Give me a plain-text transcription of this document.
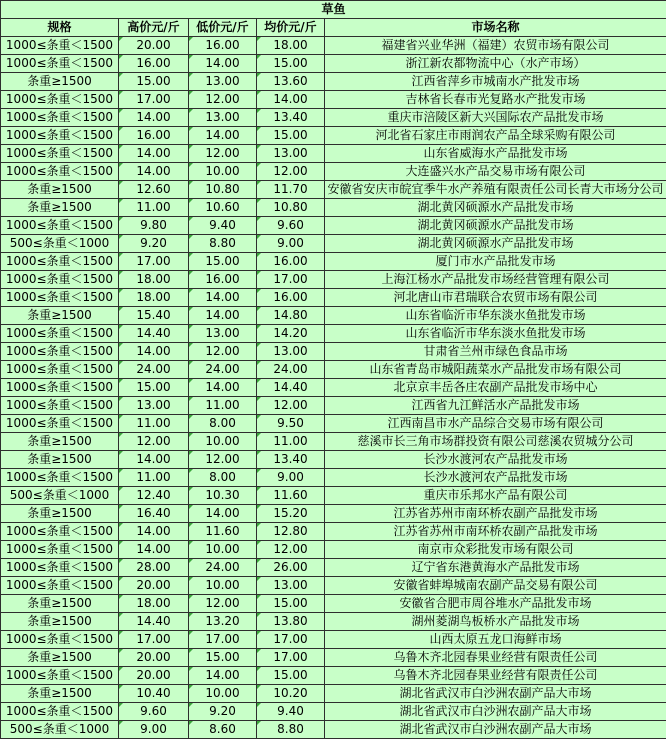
草鱼				
规格	高价元/斤	低价元/斤	均价元/斤	市场名称
1000≤条重＜1500	20.00	16.00	18.00	福建省兴业华洲（福建）农贸市场有限公司
1000≤条重＜1500	16.00	14.00	15.00	浙江新农都物流中心（水产市场）
条重≥1500	15.00	13.00	13.60	江西省萍乡市城南水产批发市场
1000≤条重＜1500	17.00	12.00	14.00	吉林省长春市光复路水产批发市场
1000≤条重＜1500	14.00	13.00	13.40	重庆市涪陵区新大兴国际农产品批发市场
1000≤条重＜1500	16.00	14.00	15.00	河北省石家庄市雨润农产品全球采购有限公司
1000≤条重＜1500	14.00	12.00	13.00	山东省威海水产品批发市场
1000≤条重＜1500	14.00	10.00	12.00	大连盛兴水产品交易市场有限公司
条重≥1500	12.60	10.80	11.70	安徽省安庆市皖宜季牛水产养殖有限责任公司长青大市场分公司
条重≥1500	11.00	10.60	10.80	湖北黄冈硕源水产品批发市场
1000≤条重＜1500	9.80	9.40	9.60	湖北黄冈硕源水产品批发市场
500≤条重＜1000	9.20	8.80	9.00	湖北黄冈硕源水产品批发市场
1000≤条重＜1500	17.00	15.00	16.00	厦门市水产品批发市场
1000≤条重＜1500	18.00	16.00	17.00	上海江杨水产品批发市场经营管理有限公司
1000≤条重＜1500	18.00	14.00	16.00	河北唐山市君瑞联合农贸市场有限公司
条重≥1500	15.40	14.00	14.80	山东省临沂市华东淡水鱼批发市场
1000≤条重＜1500	14.40	13.00	14.20	山东省临沂市华东淡水鱼批发市场
1000≤条重＜1500	14.00	12.00	13.00	甘肃省兰州市绿色食品市场
1000≤条重＜1500	24.00	24.00	24.00	山东省青岛市城阳蔬菜水产品批发市场有限公司
1000≤条重＜1500	15.00	14.00	14.40	北京京丰岳各庄农副产品批发市场中心
1000≤条重＜1500	13.00	11.00	12.00	江西省九江鲜活水产品批发市场
1000≤条重＜1500	11.00	8.00	9.50	江西南昌市水产品综合交易市场有限公司
条重≥1500	12.00	10.00	11.00	慈溪市长三角市场群投资有限公司慈溪农贸城分公司
条重≥1500	14.00	12.00	13.40	长沙水渡河农产品批发市场
1000≤条重＜1500	11.00	8.00	9.00	长沙水渡河农产品批发市场
500≤条重＜1000	12.40	10.30	11.60	重庆市乐邦水产品有限公司
条重≥1500	16.40	14.00	15.20	江苏省苏州市南环桥农副产品批发市场
1000≤条重＜1500	14.00	11.60	12.80	江苏省苏州市南环桥农副产品批发市场
1000≤条重＜1500	14.00	10.00	12.00	南京市众彩批发市场有限公司
1000≤条重＜1500	28.00	24.00	26.00	辽宁省东港黄海水产品批发市场
1000≤条重＜1500	20.00	10.00	13.00	安徽省蚌埠城南农副产品交易有限公司
条重≥1500	18.00	12.00	15.00	安徽省合肥市周谷堆水产品批发市场
条重≥1500	14.40	13.20	13.80	湖州菱湖鸟板桥水产品批发市场
1000≤条重＜1500	17.00	17.00	17.00	山西太原五龙口海鲜市场
条重≥1500	20.00	15.00	17.00	乌鲁木齐北园春果业经营有限责任公司
1000≤条重＜1500	20.00	14.00	15.00	乌鲁木齐北园春果业经营有限责任公司
条重≥1500	10.40	10.00	10.20	湖北省武汉市白沙洲农副产品大市场
1000≤条重＜1500	9.60	9.20	9.40	湖北省武汉市白沙洲农副产品大市场
500≤条重＜1000	9.00	8.60	8.80	湖北省武汉市白沙洲农副产品大市场
